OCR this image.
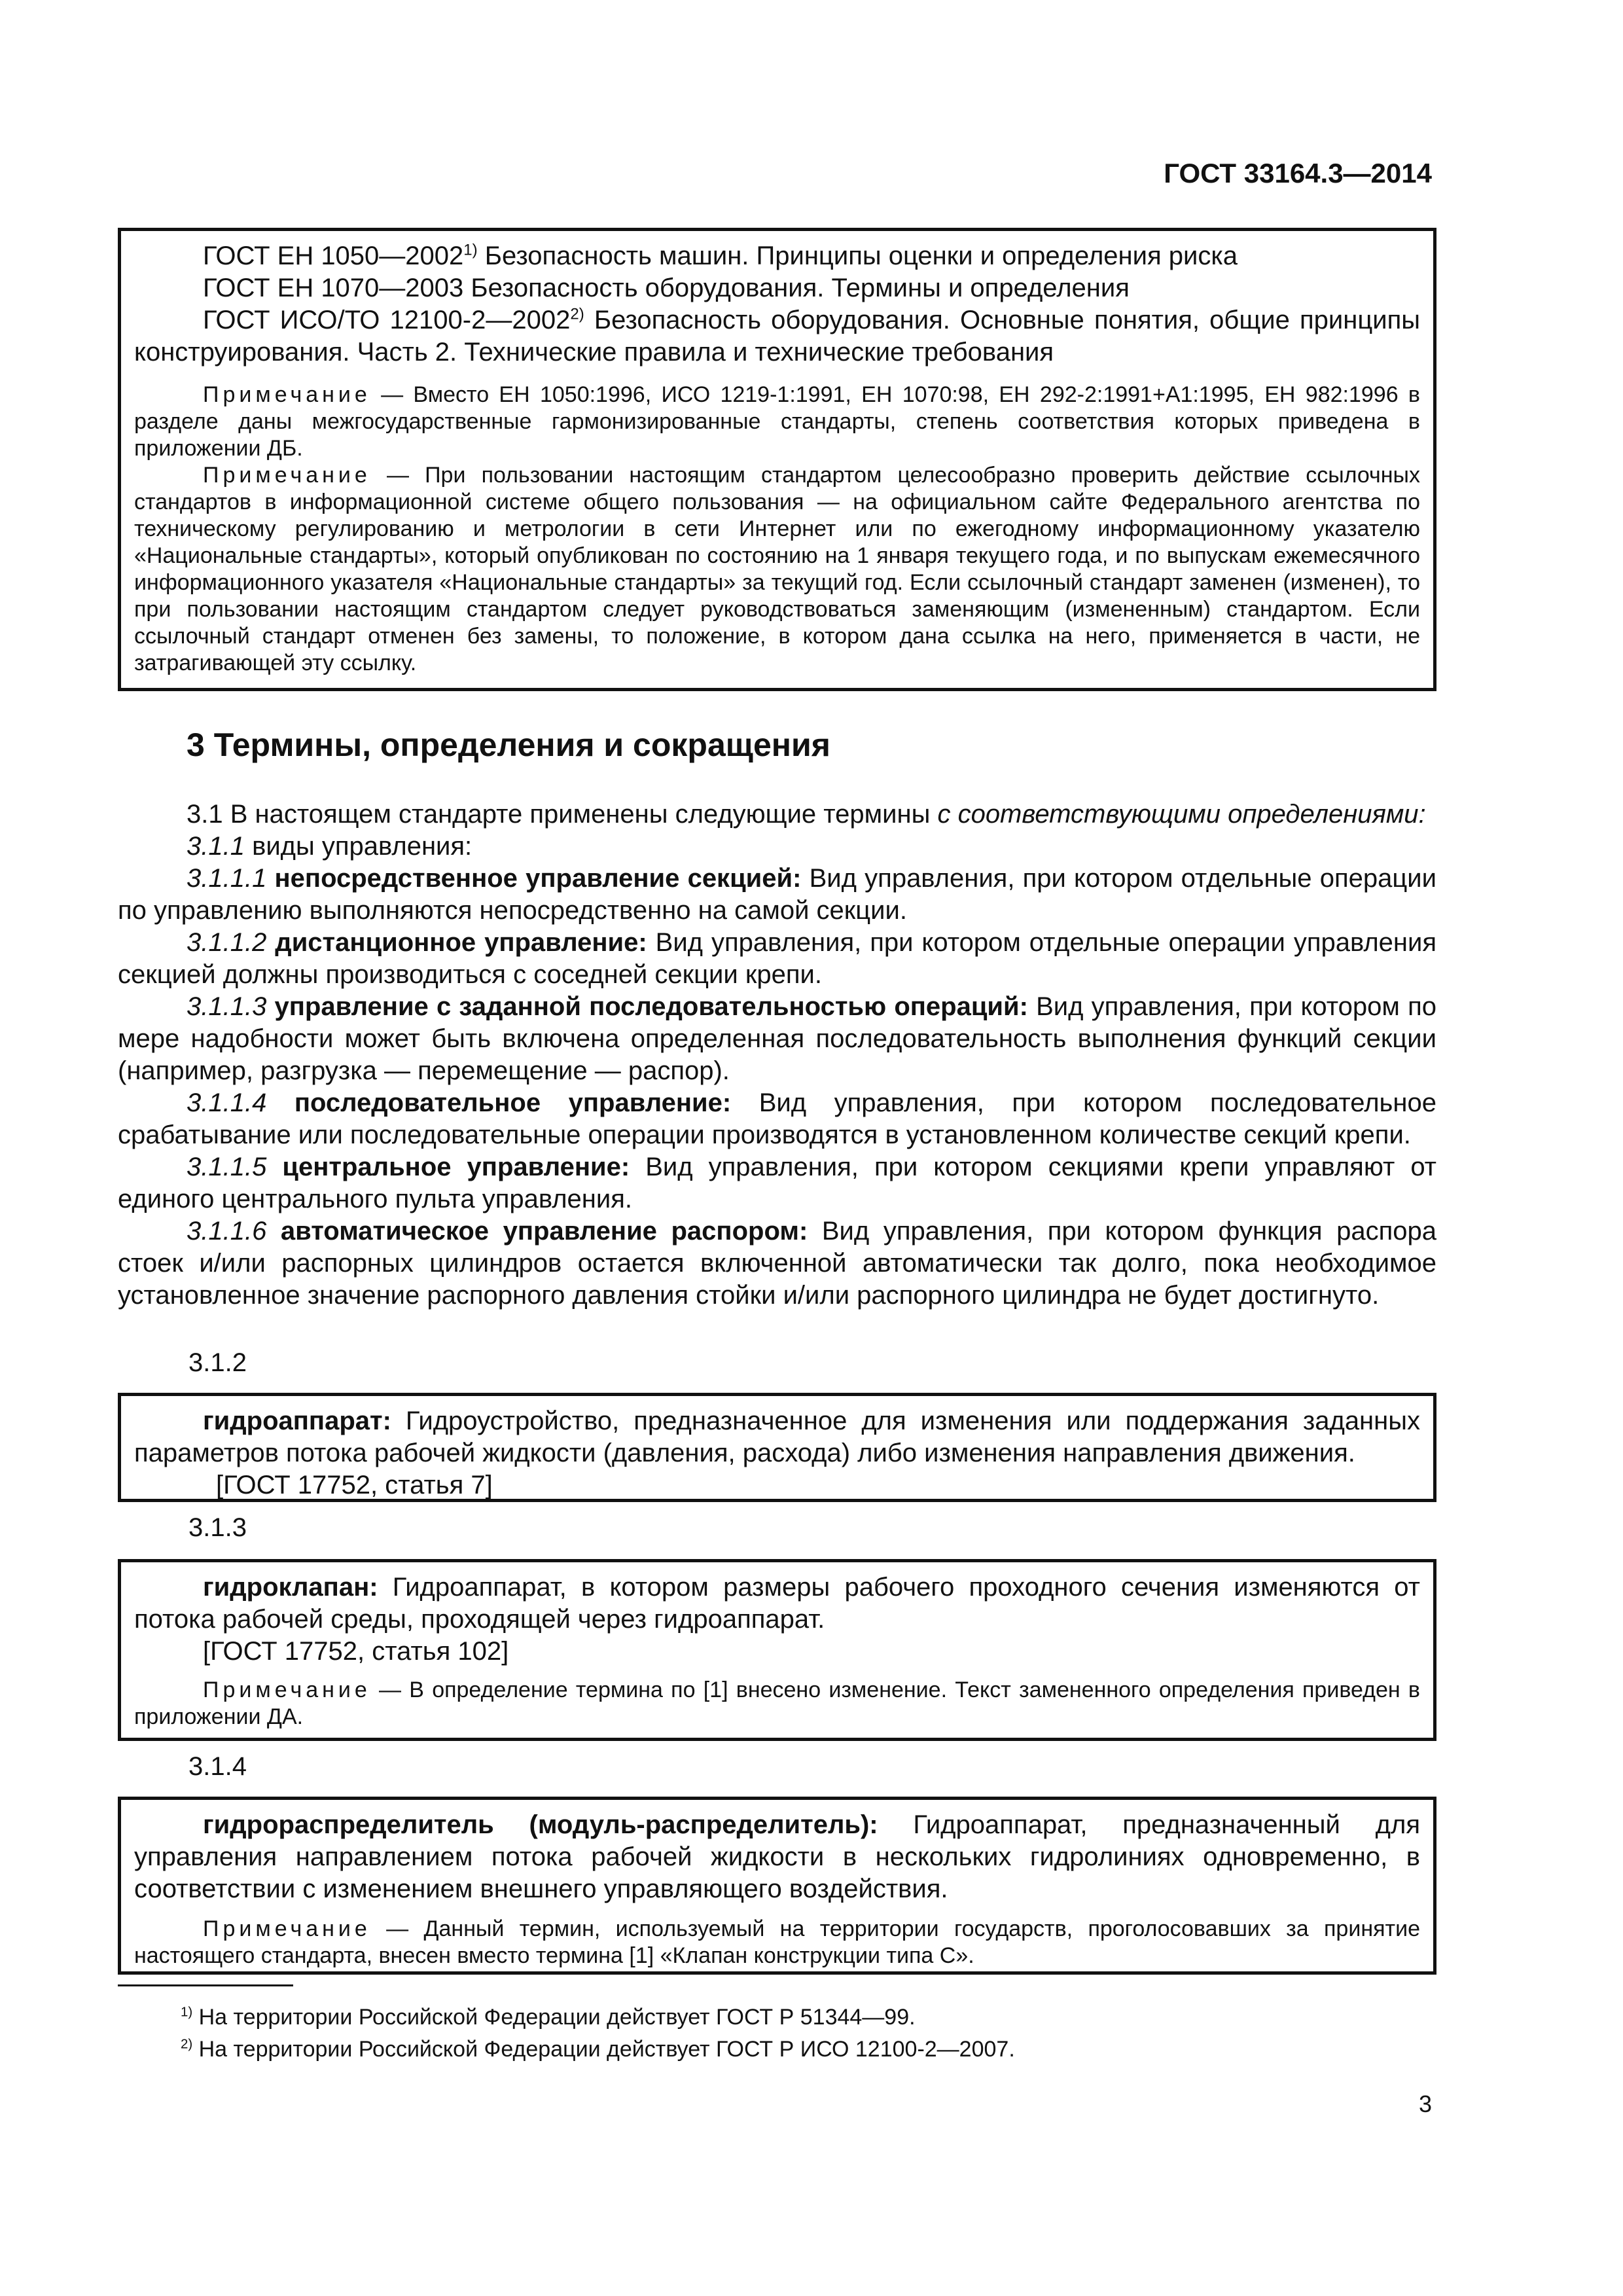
ГОСТ 33164.3—2014

ГОСТ ЕН 1050—2002$^{1)}$ Безопасность машин. Принципы оценки и определения риска

ГОСТ ЕН 1070—2003 Безопасность оборудования. Термины и определения

ГОСТ ИСО/ТО 12100-2—2002$^{2)}$ Безопасность оборудования. Основные понятия, общие принципы конструирования. Часть 2. Технические правила и технические требования

Примечание — Вместо ЕН 1050:1996, ИСО 1219-1:1991, ЕН 1070:98, ЕН 292-2:1991+A1:1995, ЕН 982:1996 в разделе даны межгосударственные гармонизированные стандарты, степень соответствия которых приведена в приложении ДБ.

Примечание — При пользовании настоящим стандартом целесообразно проверить действие ссылочных стандартов в информационной системе общего пользования — на официальном сайте Федерального агентства по техническому регулированию и метрологии в сети Интернет или по ежегодному информационному указателю «Национальные стандарты», который опубликован по состоянию на 1 января текущего года, и по выпускам ежемесячного информационного указателя «Национальные стандарты» за текущий год. Если ссылочный стандарт заменен (изменен), то при пользовании настоящим стандартом следует руководствоваться заменяющим (измененным) стандартом. Если ссылочный стандарт отменен без замены, то положение, в котором дана ссылка на него, применяется в части, не затрагивающей эту ссылку.

3 Термины, определения и сокращения

3.1 В настоящем стандарте применены следующие термины с соответствующими определениями:

3.1.1 виды управления:

3.1.1.1 непосредственное управление секцией: Вид управления, при котором отдельные операции по управлению выполняются непосредственно на самой секции.

3.1.1.2 дистанционное управление: Вид управления, при котором отдельные операции управления секцией должны производиться с соседней секции крепи.

3.1.1.3 управление с заданной последовательностью операций: Вид управления, при котором по мере надобности может быть включена определенная последовательность выполнения функций секции (например, разгрузка — перемещение — распор).

3.1.1.4 последовательное управление: Вид управления, при котором последовательное срабатывание или последовательные операции производятся в установленном количестве секций крепи.

3.1.1.5 центральное управление: Вид управления, при котором секциями крепи управляют от единого центрального пульта управления.

3.1.1.6 автоматическое управление распором: Вид управления, при котором функция распора стоек и/или распорных цилиндров остается включенной автоматически так долго, пока необходимое установленное значение распорного давления стойки и/или распорного цилиндра не будет достигнуто.

3.1.2

гидроаппарат: Гидроустройство, предназначенное для изменения или поддержания заданных параметров потока рабочей жидкости (давления, расхода) либо изменения направления движения.

[ГОСТ 17752, статья 7]

3.1.3

гидроклапан: Гидроаппарат, в котором размеры рабочего проходного сечения изменяются от потока рабочей среды, проходящей через гидроаппарат.

[ГОСТ 17752, статья 102]

Примечание — В определение термина по [1] внесено изменение. Текст замененного определения приведен в приложении ДА.

3.1.4

гидрораспределитель (модуль-распределитель): Гидроаппарат, предназначенный для управления направлением потока рабочей жидкости в нескольких гидролиниях одновременно, в соответствии с изменением внешнего управляющего воздействия.

Примечание — Данный термин, используемый на территории государств, проголосовавших за принятие настоящего стандарта, внесен вместо термина [1] «Клапан конструкции типа С».

$^{1)}$ На территории Российской Федерации действует ГОСТ Р 51344—99.
$^{2)}$ На территории Российской Федерации действует ГОСТ Р ИСО 12100-2—2007.
3
